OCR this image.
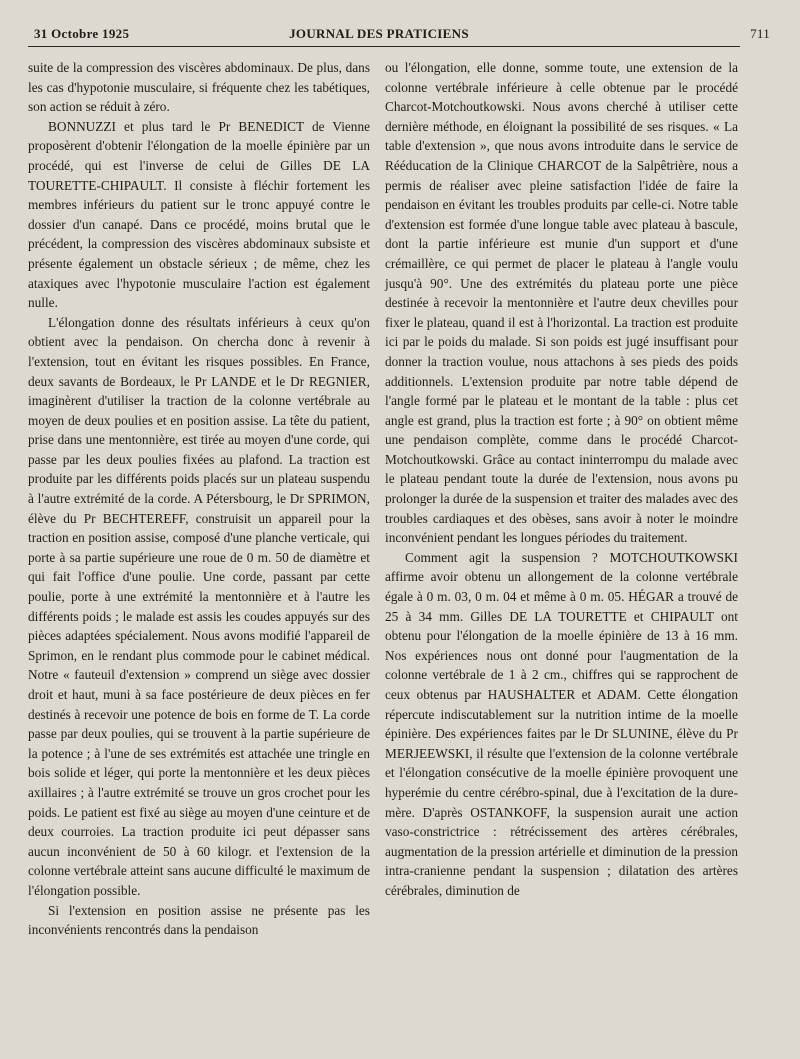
31 Octobre 1925	JOURNAL DES PRATICIENS	711

suite de la compression des viscères abdominaux. De plus, dans les cas d'hypotonie musculaire, si fréquente chez les tabétiques, son action se réduit à zéro.

BONNUZZI et plus tard le Pr BENEDICT de Vienne proposèrent d'obtenir l'élongation de la moelle épinière par un procédé, qui est l'inverse de celui de Gilles DE LA TOURETTE-CHIPAULT. Il consiste à fléchir fortement les membres inférieurs du patient sur le tronc appuyé contre le dossier d'un canapé. Dans ce procédé, moins brutal que le précédent, la compression des viscères abdominaux subsiste et présente également un obstacle sérieux ; de même, chez les ataxiques avec l'hypotonie musculaire l'action est également nulle.

L'élongation donne des résultats inférieurs à ceux qu'on obtient avec la pendaison. On chercha donc à revenir à l'extension, tout en évitant les risques possibles. En France, deux savants de Bordeaux, le Pr LANDE et le Dr REGNIER, imaginèrent d'utiliser la traction de la colonne vertébrale au moyen de deux poulies et en position assise. La tête du patient, prise dans une mentonnière, est tirée au moyen d'une corde, qui passe par les deux poulies fixées au plafond. La traction est produite par les différents poids placés sur un plateau suspendu à l'autre extrémité de la corde. A Pétersbourg, le Dr SPRIMON, élève du Pr BECHTEREFF, construisit un appareil pour la traction en position assise, composé d'une planche verticale, qui porte à sa partie supérieure une roue de 0 m. 50 de diamètre et qui fait l'office d'une poulie. Une corde, passant par cette poulie, porte à une extrémité la mentonnière et à l'autre les différents poids ; le malade est assis les coudes appuyés sur des pièces adaptées spécialement. Nous avons modifié l'appareil de Sprimon, en le rendant plus commode pour le cabinet médical. Notre « fauteuil d'extension » comprend un siège avec dossier droit et haut, muni à sa face postérieure de deux pièces en fer destinés à recevoir une potence de bois en forme de T. La corde passe par deux poulies, qui se trouvent à la partie supérieure de la potence ; à l'une de ses extrémités est attachée une tringle en bois solide et léger, qui porte la mentonnière et les deux pièces axillaires ; à l'autre extrémité se trouve un gros crochet pour les poids. Le patient est fixé au siège au moyen d'une ceinture et de deux courroies. La traction produite ici peut dépasser sans aucun inconvénient de 50 à 60 kilogr. et l'extension de la colonne vertébrale atteint sans aucune difficulté le maximum de l'élongation possible.

Si l'extension en position assise ne présente pas les inconvénients rencontrés dans la pendaison

ou l'élongation, elle donne, somme toute, une extension de la colonne vertébrale inférieure à celle obtenue par le procédé Charcot-Motchoutkowski. Nous avons cherché à utiliser cette dernière méthode, en éloignant la possibilité de ses risques. « La table d'extension », que nous avons introduite dans le service de Rééducation de la Clinique CHARCOT de la Salpêtrière, nous a permis de réaliser avec pleine satisfaction l'idée de faire la pendaison en évitant les troubles produits par celle-ci. Notre table d'extension est formée d'une longue table avec plateau à bascule, dont la partie inférieure est munie d'un support et d'une crémaillère, ce qui permet de placer le plateau à l'angle voulu jusqu'à 90°. Une des extrémités du plateau porte une pièce destinée à recevoir la mentonnière et l'autre deux chevilles pour fixer le plateau, quand il est à l'horizontal. La traction est produite ici par le poids du malade. Si son poids est jugé insuffisant pour donner la traction voulue, nous attachons à ses pieds des poids additionnels. L'extension produite par notre table dépend de l'angle formé par le plateau et le montant de la table : plus cet angle est grand, plus la traction est forte ; à 90° on obtient même une pendaison complète, comme dans le procédé Charcot-Motchoutkowski. Grâce au contact ininterrompu du malade avec le plateau pendant toute la durée de l'extension, nous avons pu prolonger la durée de la suspension et traiter des malades avec des troubles cardiaques et des obèses, sans avoir à noter le moindre inconvénient pendant les longues périodes du traitement.

Comment agit la suspension ? MOTCHOUTKOWSKI affirme avoir obtenu un allongement de la colonne vertébrale égale à 0 m. 03, 0 m. 04 et même à 0 m. 05. HÉGAR a trouvé de 25 à 34 mm. Gilles DE LA TOURETTE et CHIPAULT ont obtenu pour l'élongation de la moelle épinière de 13 à 16 mm. Nos expériences nous ont donné pour l'augmentation de la colonne vertébrale de 1 à 2 cm., chiffres qui se rapprochent de ceux obtenus par HAUSHALTER et ADAM. Cette élongation répercute indiscutablement sur la nutrition intime de la moelle épinière. Des expériences faites par le Dr SLUNINE, élève du Pr MERJEEWSKI, il résulte que l'extension de la colonne vertébrale et l'élongation consécutive de la moelle épinière provoquent une hyperémie du centre cérébro-spinal, due à l'excitation de la dure-mère. D'après OSTANKOFF, la suspension aurait une action vaso-constrictrice : rétrécissement des artères cérébrales, augmentation de la pression artérielle et diminution de la pression intra-cranienne pendant la suspension ; dilatation des artères cérébrales, diminution de
